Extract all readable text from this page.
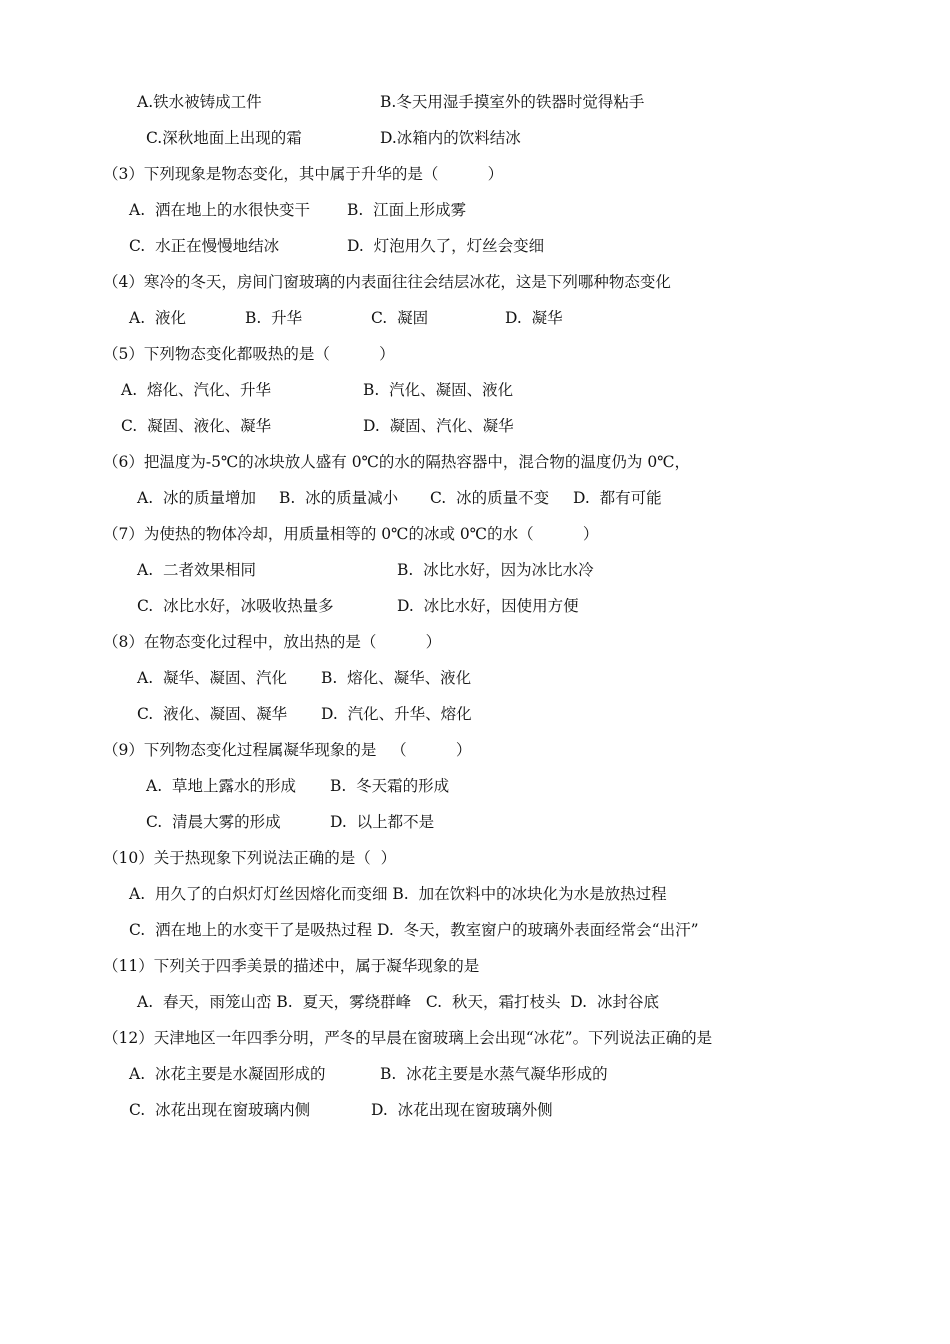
A.铁水被铸成工件	B.冬天用湿手摸室外的铁器时觉得粘手
C.深秋地面上出现的霜	D.冰箱内的饮料结冰
（3）下列现象是物态变化，其中属于升华的是（          ）
A.  洒在地上的水很快变干 B.  江面上形成雾
C.  水正在慢慢地结冰	D.  灯泡用久了，灯丝会变细
（4）寒冷的冬天，房间门窗玻璃的内表面往往会结层冰花，这是下列哪种物态变化
A.  液化	B.  升华	C.  凝固	D.  凝华
（5）下列物态变化都吸热的是（          ）
A.  熔化、汽化、升华	B.  汽化、凝固、液化
C.  凝固、液化、凝华	D.  凝固、汽化、凝华
（6）把温度为-5℃的冰块放人盛有 0℃的水的隔热容器中，混合物的温度仍为 0℃，
A.  冰的质量增加 B.  冰的质量减小 C.  冰的质量不变 D.  都有可能
（7）为使热的物体冷却，用质量相等的 0℃的冰或 0℃的水（          ）
A.  二者效果相同	B.  冰比水好，因为冰比水冷
C.  冰比水好，冰吸收热量多	D.  冰比水好，因使用方便
（8）在物态变化过程中，放出热的是（          ）
A.  凝华、凝固、汽化 B.  熔化、凝华、液化
C.  液化、凝固、凝华 D.  汽化、升华、熔化
（9）下列物态变化过程属凝华现象的是   （          ）
A.  草地上露水的形成 B.  冬天霜的形成
C.  清晨大雾的形成	D.  以上都不是
（10）关于热现象下列说法正确的是（  ）
A.  用久了的白炽灯灯丝因熔化而变细 B.  加在饮料中的冰块化为水是放热过程
C.  洒在地上的水变干了是吸热过程 D.  冬天，教室窗户的玻璃外表面经常会“出汗”
（11）下列关于四季美景的描述中，属于凝华现象的是
A.  春天，雨笼山峦 B.  夏天，雾绕群峰   C.  秋天，霜打枝头  D.  冰封谷底
（12）天津地区一年四季分明，严冬的早晨在窗玻璃上会出现“冰花”。下列说法正确的是
A.  冰花主要是水凝固形成的	B.  冰花主要是水蒸气凝华形成的
C.  冰花出现在窗玻璃内侧	D.  冰花出现在窗玻璃外侧
